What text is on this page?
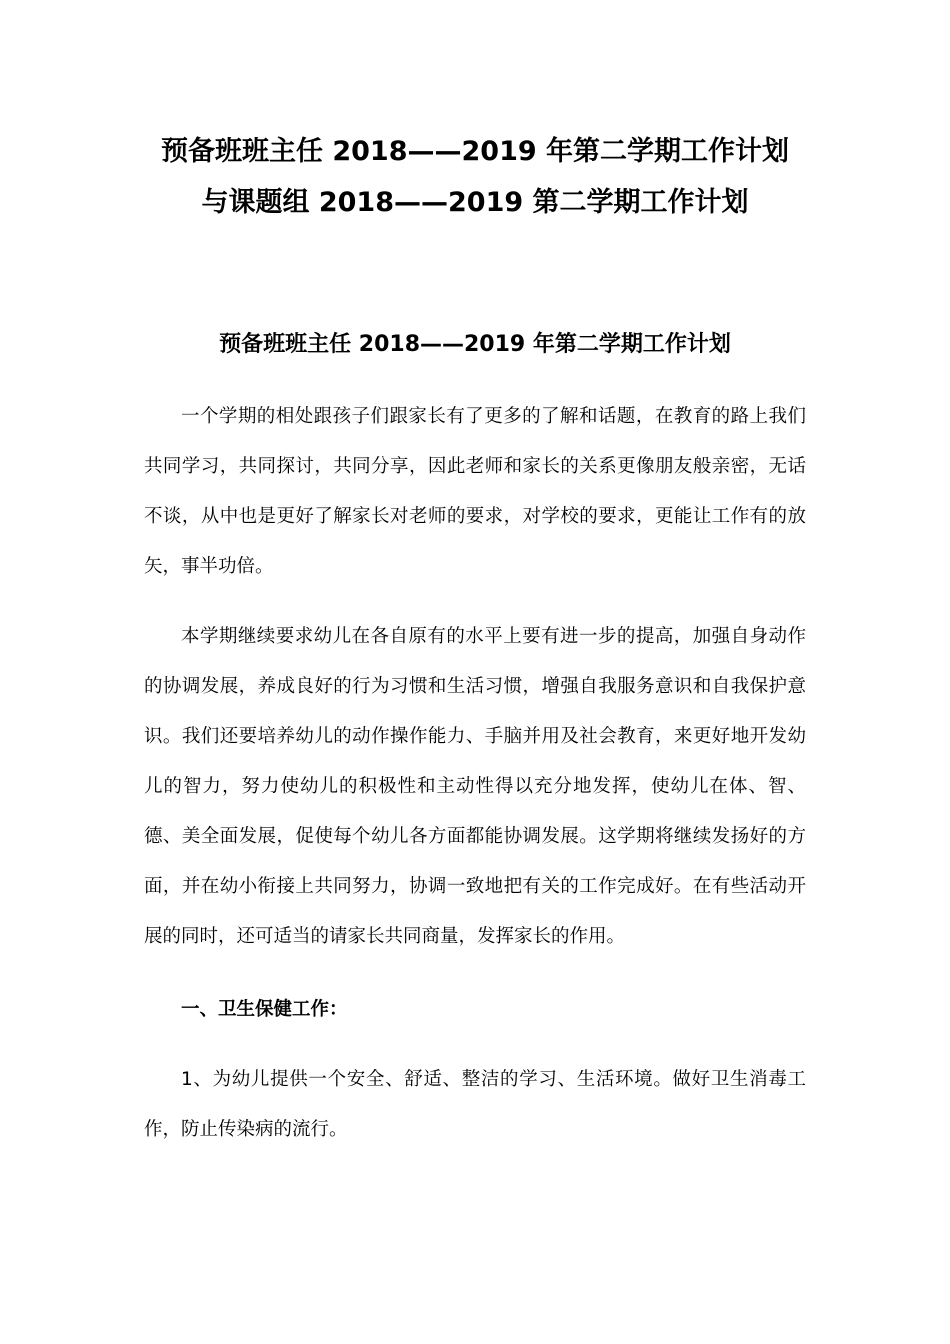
预备班班主任 2018——2019 年第二学期工作计划
与课题组 2018——2019 第二学期工作计划
预备班班主任 2018——2019 年第二学期工作计划

一个学期的相处跟孩子们跟家长有了更多的了解和话题，在教育的路上我们共同学习，共同探讨，共同分享，因此老师和家长的关系更像朋友般亲密，无话不谈，从中也是更好了解家长对老师的要求，对学校的要求，更能让工作有的放矢，事半功倍。

本学期继续要求幼儿在各自原有的水平上要有进一步的提高，加强自身动作的协调发展，养成良好的行为习惯和生活习惯，增强自我服务意识和自我保护意识。我们还要培养幼儿的动作操作能力、手脑并用及社会教育，来更好地开发幼儿的智力，努力使幼儿的积极性和主动性得以充分地发挥，使幼儿在体、智、德、美全面发展，促使每个幼儿各方面都能协调发展。这学期将继续发扬好的方面，并在幼小衔接上共同努力，协调一致地把有关的工作完成好。在有些活动开展的同时，还可适当的请家长共同商量，发挥家长的作用。

一、卫生保健工作：

1、为幼儿提供一个安全、舒适、整洁的学习、生活环境。做好卫生消毒工作，防止传染病的流行。
